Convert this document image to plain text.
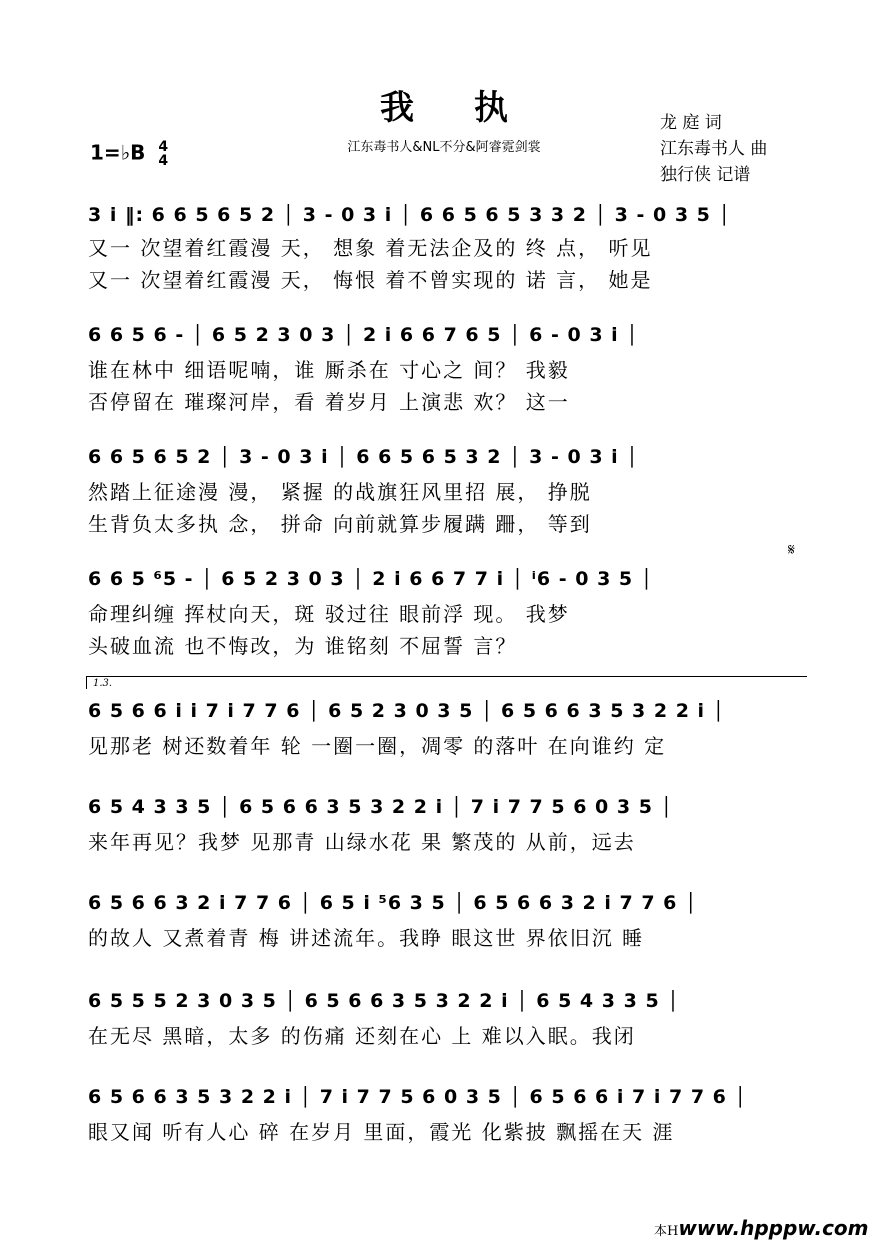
我执
江东毒书人&NL不分&阿睿霓剑裳
1=♭B 4
4
龙 庭 词
江东毒书人 曲
独行侠 记谱
3 i ‖: 6 6 5 6 5 2 │ 3 - 0 3 i │ 6 6 5 6 5 3 3 2 │ 3 - 0 3 5 │
又一 次望着红霞漫 天， 想象 着无法企及的 终 点， 听见
又一 次望着红霞漫 天， 悔恨 着不曾实现的 诺 言， 她是
6 6 5 6 - │ 6 5 2 3 0 3 │ 2 i 6 6 7 6 5 │ 6 - 0 3 i │
谁在林中 细语呢喃，谁 厮杀在 寸心之 间？ 我毅
否停留在 璀璨河岸，看 着岁月 上演悲 欢？ 这一
6 6 5 6 5 2 │ 3 - 0 3 i │ 6 6 5 6 5 3 2 │ 3 - 0 3 i │
然踏上征途漫 漫， 紧握 的战旗狂风里招 展， 挣脱
生背负太多执 念， 拼命 向前就算步履蹒 跚， 等到
𝄋
6 6 5 ⁶5 - │ 6 5 2 3 0 3 │ 2 i 6 6 7 7 i │ ⁱ6 - 0 3 5 │
命理纠缠 挥杖向天，斑 驳过往 眼前浮 现。 我梦
头破血流 也不悔改，为 谁铭刻 不屈誓 言？
1.3.
6 5 6 6 i i 7 i 7 7 6 │ 6 5 2 3 0 3 5 │ 6 5 6 6 3 5 3 2 2 i │
见那老 树还数着年 轮 一圈一圈，凋零 的落叶 在向谁约 定
6 5 4 3 3 5 │ 6 5 6 6 3 5 3 2 2 i │ 7 i 7 7 5 6 0 3 5 │
来年再见？我梦 见那青 山绿水花 果 繁茂的 从前，远去
6 5 6 6 3 2 i 7 7 6 │ 6 5 i ⁵6 3 5 │ 6 5 6 6 3 2 i 7 7 6 │
的故人 又煮着青 梅 讲述流年。我睁 眼这世 界依旧沉 睡
6 5 5 5 2 3 0 3 5 │ 6 5 6 6 3 5 3 2 2 i │ 6 5 4 3 3 5 │
在无尽 黑暗，太多 的伤痛 还刻在心 上 难以入眠。我闭
6 5 6 6 3 5 3 2 2 i │ 7 i 7 7 5 6 0 3 5 │ 6 5 6 6 i 7 i 7 7 6 │
眼又闻 听有人心 碎 在岁月 里面，霞光 化紫披 飘摇在天 涯
本Hwww.hpppw.com
